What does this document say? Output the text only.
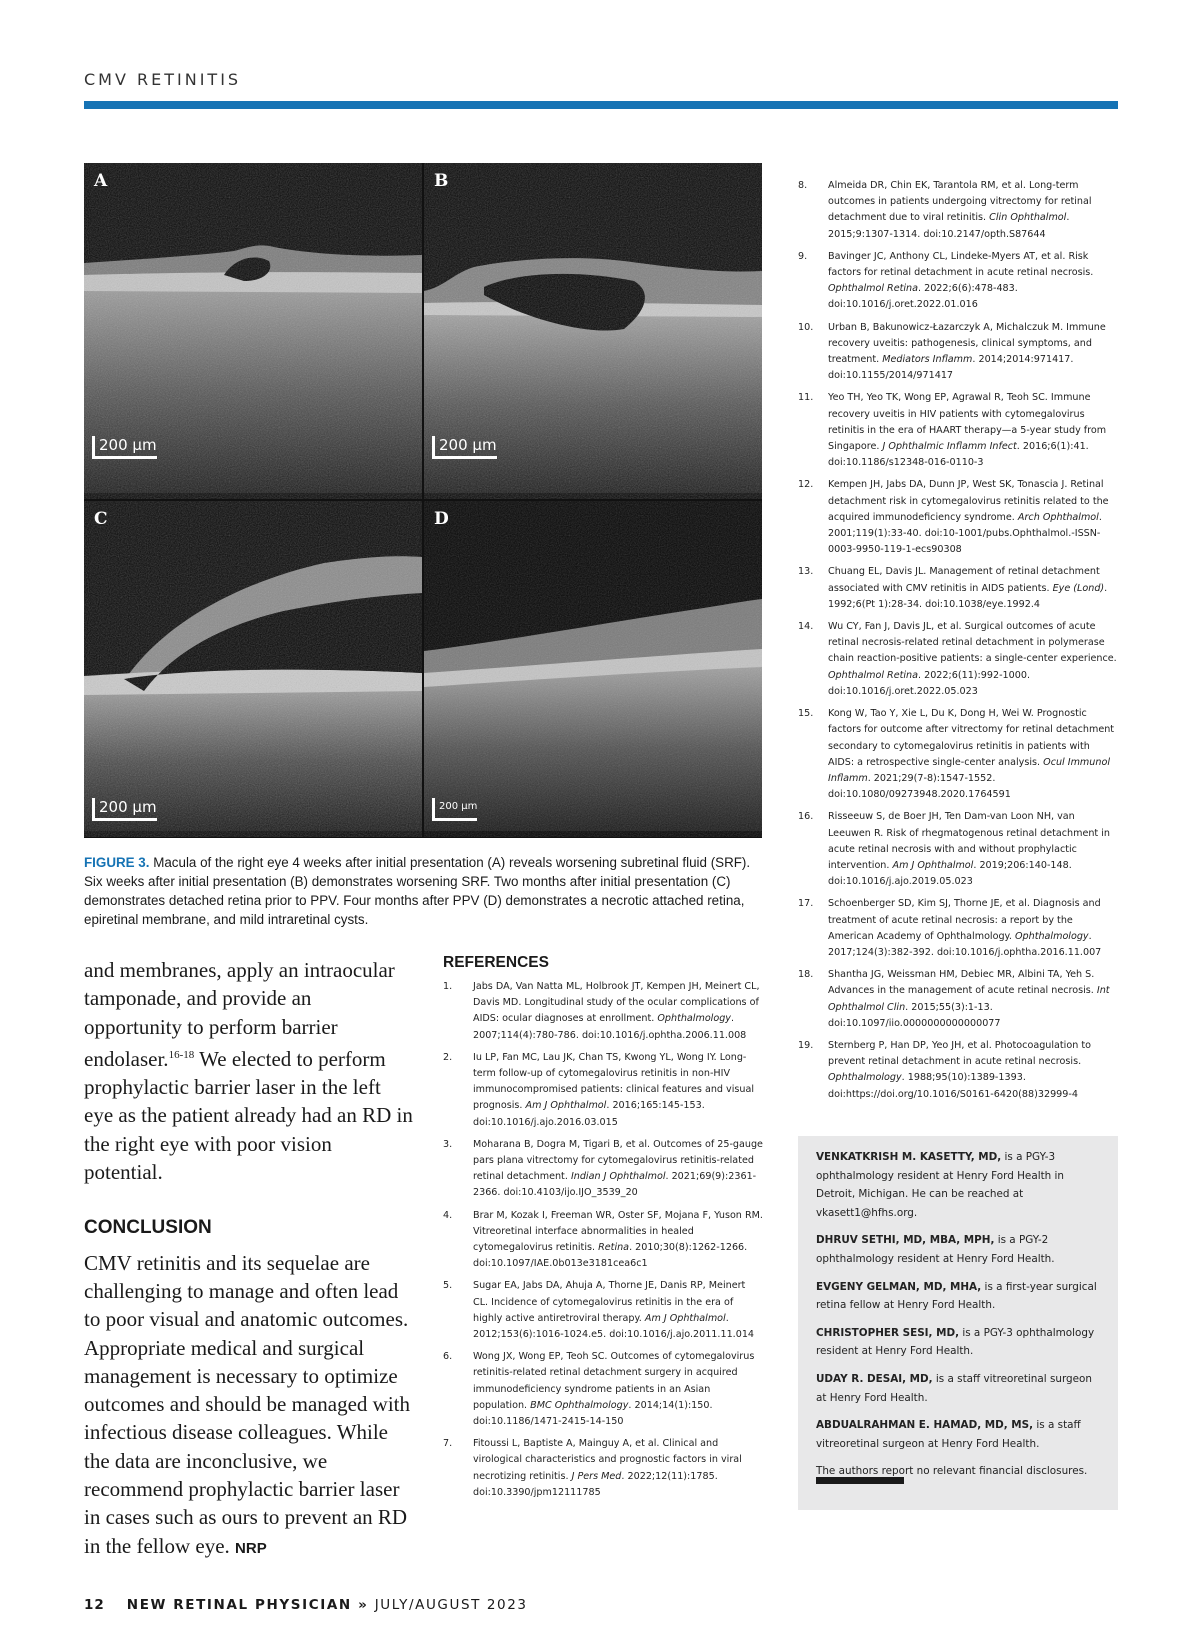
CMV RETINITIS
A
200 μm
B
200 μm
C
200 μm
D
200 μm
FIGURE 3. Macula of the right eye 4 weeks after initial presentation (A) reveals worsening subretinal fluid (SRF). Six weeks after initial presentation (B) demonstrates worsening SRF. Two months after initial presentation (C) demonstrates detached retina prior to PPV. Four months after PPV (D) demonstrates a necrotic attached retina, epiretinal membrane, and mild intraretinal cysts.

and membranes, apply an intraocular tamponade, and provide an opportunity to perform barrier endolaser.$^{16-18}$ We elected to perform prophylactic barrier laser in the left eye as the patient already had an RD in the right eye with poor vision potential.

CONCLUSION

CMV retinitis and its sequelae are challenging to manage and often lead to poor visual and anatomic outcomes. Appropriate medical and surgical management is necessary to optimize outcomes and should be managed with infectious disease colleagues. While the data are inconclusive, we recommend prophylactic barrier laser in cases such as ours to prevent an RD in the fellow eye. NRP

REFERENCES
1. Jabs DA, Van Natta ML, Holbrook JT, Kempen JH, Meinert CL, Davis MD. Longitudinal study of the ocular complications of AIDS: ocular diagnoses at enrollment. Ophthalmology. 2007;114(4):780-786. doi:10.1016/j.ophtha.2006.11.008
2. Iu LP, Fan MC, Lau JK, Chan TS, Kwong YL, Wong IY. Long-term follow-up of cytomegalovirus retinitis in non-HIV immunocompromised patients: clinical features and visual prognosis. Am J Ophthalmol. 2016;165:145-153. doi:10.1016/j.ajo.2016.03.015
3. Moharana B, Dogra M, Tigari B, et al. Outcomes of 25-gauge pars plana vitrectomy for cytomegalovirus retinitis-related retinal detachment. Indian J Ophthalmol. 2021;69(9):2361-2366. doi:10.4103/ijo.IJO_3539_20
4. Brar M, Kozak I, Freeman WR, Oster SF, Mojana F, Yuson RM. Vitreoretinal interface abnormalities in healed cytomegalovirus retinitis. Retina. 2010;30(8):1262-1266. doi:10.1097/IAE.0b013e3181cea6c1
5. Sugar EA, Jabs DA, Ahuja A, Thorne JE, Danis RP, Meinert CL. Incidence of cytomegalovirus retinitis in the era of highly active antiretroviral therapy. Am J Ophthalmol. 2012;153(6):1016-1024.e5. doi:10.1016/j.ajo.2011.11.014
6. Wong JX, Wong EP, Teoh SC. Outcomes of cytomegalovirus retinitis-related retinal detachment surgery in acquired immunodeficiency syndrome patients in an Asian population. BMC Ophthalmology. 2014;14(1):150. doi:10.1186/1471-2415-14-150
7. Fitoussi L, Baptiste A, Mainguy A, et al. Clinical and virological characteristics and prognostic factors in viral necrotizing retinitis. J Pers Med. 2022;12(11):1785. doi:10.3390/jpm12111785
8. Almeida DR, Chin EK, Tarantola RM, et al. Long-term outcomes in patients undergoing vitrectomy for retinal detachment due to viral retinitis. Clin Ophthalmol. 2015;9:1307-1314. doi:10.2147/opth.S87644
9. Bavinger JC, Anthony CL, Lindeke-Myers AT, et al. Risk factors for retinal detachment in acute retinal necrosis. Ophthalmol Retina. 2022;6(6):478-483. doi:10.1016/j.oret.2022.01.016
10. Urban B, Bakunowicz-Łazarczyk A, Michalczuk M. Immune recovery uveitis: pathogenesis, clinical symptoms, and treatment. Mediators Inflamm. 2014;2014:971417. doi:10.1155/2014/971417
11. Yeo TH, Yeo TK, Wong EP, Agrawal R, Teoh SC. Immune recovery uveitis in HIV patients with cytomegalovirus retinitis in the era of HAART therapy—a 5-year study from Singapore. J Ophthalmic Inflamm Infect. 2016;6(1):41. doi:10.1186/s12348-016-0110-3
12. Kempen JH, Jabs DA, Dunn JP, West SK, Tonascia J. Retinal detachment risk in cytomegalovirus retinitis related to the acquired immunodeficiency syndrome. Arch Ophthalmol. 2001;119(1):33-40. doi:10-1001/pubs.Ophthalmol.-ISSN-0003-9950-119-1-ecs90308
13. Chuang EL, Davis JL. Management of retinal detachment associated with CMV retinitis in AIDS patients. Eye (Lond). 1992;6(Pt 1):28-34. doi:10.1038/eye.1992.4
14. Wu CY, Fan J, Davis JL, et al. Surgical outcomes of acute retinal necrosis-related retinal detachment in polymerase chain reaction-positive patients: a single-center experience. Ophthalmol Retina. 2022;6(11):992-1000. doi:10.1016/j.oret.2022.05.023
15. Kong W, Tao Y, Xie L, Du K, Dong H, Wei W. Prognostic factors for outcome after vitrectomy for retinal detachment secondary to cytomegalovirus retinitis in patients with AIDS: a retrospective single-center analysis. Ocul Immunol Inflamm. 2021;29(7-8):1547-1552. doi:10.1080/09273948.2020.1764591
16. Risseeuw S, de Boer JH, Ten Dam-van Loon NH, van Leeuwen R. Risk of rhegmatogenous retinal detachment in acute retinal necrosis with and without prophylactic intervention. Am J Ophthalmol. 2019;206:140-148. doi:10.1016/j.ajo.2019.05.023
17. Schoenberger SD, Kim SJ, Thorne JE, et al. Diagnosis and treatment of acute retinal necrosis: a report by the American Academy of Ophthalmology. Ophthalmology. 2017;124(3):382-392. doi:10.1016/j.ophtha.2016.11.007
18. Shantha JG, Weissman HM, Debiec MR, Albini TA, Yeh S. Advances in the management of acute retinal necrosis. Int Ophthalmol Clin. 2015;55(3):1-13. doi:10.1097/iio.0000000000000077
19. Sternberg P, Han DP, Yeo JH, et al. Photocoagulation to prevent retinal detachment in acute retinal necrosis. Ophthalmology. 1988;95(10):1389-1393. doi:https://doi.org/10.1016/S0161-6420(88)32999-4

VENKATKRISH M. KASETTY, MD, is a PGY-3 ophthalmology resident at Henry Ford Health in Detroit, Michigan. He can be reached at vkasett1@hfhs.org.

DHRUV SETHI, MD, MBA, MPH, is a PGY-2 ophthalmology resident at Henry Ford Health.

EVGENY GELMAN, MD, MHA, is a first-year surgical retina fellow at Henry Ford Health.

CHRISTOPHER SESI, MD, is a PGY-3 ophthalmology resident at Henry Ford Health.

UDAY R. DESAI, MD, is a staff vitreoretinal surgeon at Henry Ford Health.

ABDUALRAHMAN E. HAMAD, MD, MS, is a staff vitreoretinal surgeon at Henry Ford Health.

The authors report no relevant financial disclosures.

12 NEW RETINAL PHYSICIAN » JULY/AUGUST 2023
